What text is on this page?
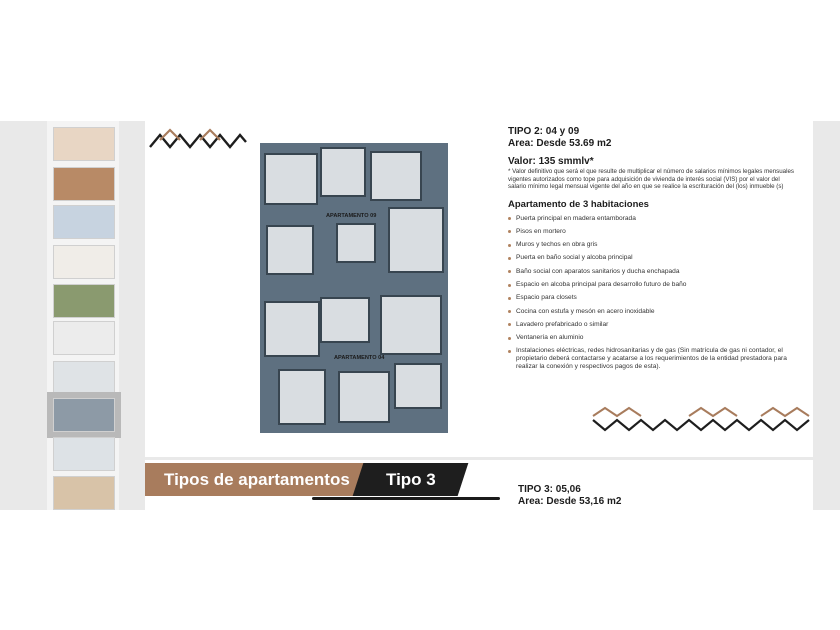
APARTAMENTO 09
APARTAMENTO 04
TIPO 2: 04 y 09
Area: Desde 53.69 m2
Valor: 135 smmlv*
* Valor definitivo que será el que resulte de multiplicar el número de salarios mínimos legales mensuales vigentes autorizados como tope para adquisición de vivienda de interés social (VIS) por el valor del salario mínimo legal mensual vigente del año en que se realice la escrituración del (los) inmueble (s)
Apartamento de 3 habitaciones
Puerta principal en madera entamborada
Pisos en mortero
Muros y techos en obra gris
Puerta en baño social y alcoba principal
Baño social con aparatos sanitarios y ducha enchapada
Espacio en alcoba principal para desarrollo futuro de baño
Espacio para closets
Cocina con estufa y mesón en acero inoxidable
Lavadero prefabricado o similar
Ventanería en aluminio
Instalaciones eléctricas, redes hidrosanitarias y de gas (Sin matrícula de gas ni contador, el propietario deberá contactarse y acatarse a los requerimientos de la entidad prestadora para realizar la conexión y respectivos pagos de esta).
Tipos de apartamentos	Tipo 3
TIPO 3: 05,06
Area: Desde 53,16 m2
